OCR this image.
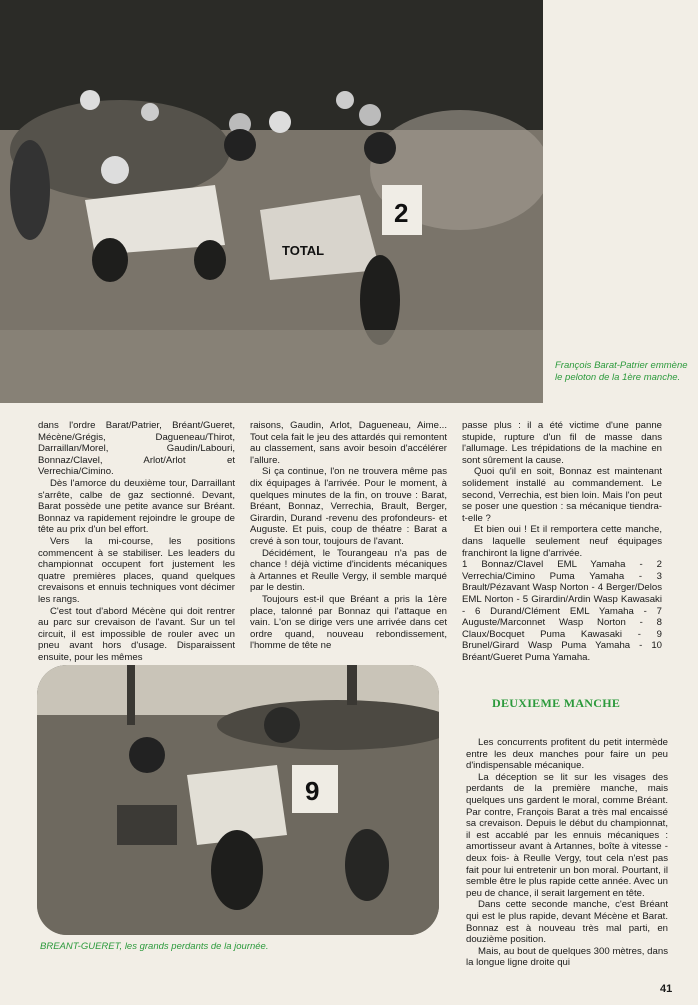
2
TOTAL
François Barat-Patrier emmène le peloton de la 1ère manche.

dans l'ordre Barat/Patrier, Bréant/Gueret, Mécène/Grégis, Dagueneau/Thirot, Darraillan/Morel, Gaudin/Labouri, Bonnaz/Clavel, Arlot/Arlot et Verrechia/Cimino.

Dès l'amorce du deuxième tour, Darraillant s'arrête, calbe de gaz sectionné. Devant, Barat possède une petite avance sur Bréant. Bonnaz va rapidement rejoindre le groupe de tête au prix d'un bel effort.

Vers la mi-course, les positions commencent à se stabiliser. Les leaders du championnat occupent fort justement les quatre premières places, quand quelques crevaisons et ennuis techniques vont décimer les rangs.

C'est tout d'abord Mécène qui doit rentrer au parc sur crevaison de l'avant. Sur un tel circuit, il est impossible de rouler avec un pneu avant hors d'usage. Disparaissent ensuite, pour les mêmes

raisons, Gaudin, Arlot, Dagueneau, Aime... Tout cela fait le jeu des attardés qui remontent au classement, sans avoir besoin d'accélérer l'allure.

Si ça continue, l'on ne trouvera même pas dix équipages à l'arrivée. Pour le moment, à quelques minutes de la fin, on trouve : Barat, Bréant, Bonnaz, Verrechia, Brault, Berger, Girardin, Durand -revenu des profondeurs- et Auguste. Et puis, coup de théatre : Barat a crevé à son tour, toujours de l'avant.

Décidément, le Tourangeau n'a pas de chance ! déjà victime d'incidents mécaniques à Artannes et Reulle Vergy, il semble marqué par le destin.

Toujours est-il que Bréant a pris la 1ère place, talonné par Bonnaz qui l'attaque en vain. L'on se dirige vers une arrivée dans cet ordre quand, nouveau rebondissement, l'homme de tête ne

passe plus : il a été victime d'une panne stupide, rupture d'un fil de masse dans l'allumage. Les trépidations de la machine en sont sûrement la cause.

Quoi qu'il en soit, Bonnaz est maintenant solidement installé au commandement. Le second, Verrechia, est bien loin. Mais l'on peut se poser une question : sa mécanique tiendra-t-elle ?

Et bien oui ! Et il remportera cette manche, dans laquelle seulement neuf équipages franchiront la ligne d'arrivée.

1 Bonnaz/Clavel EML Yamaha - 2 Verrechia/Cimino Puma Yamaha - 3 Brault/Pézavant Wasp Norton - 4 Berger/Delos EML Norton - 5 Girardin/Ardin Wasp Kawasaki - 6 Durand/Clément EML Yamaha - 7 Auguste/Marconnet Wasp Norton - 8 Claux/Bocquet Puma Kawasaki - 9 Brunel/Girard Wasp Puma Yamaha - 10 Bréant/Gueret Puma Yamaha.

9
BREANT-GUERET, les grands perdants de la journée.
DEUXIEME MANCHE

Les concurrents profitent du petit intermède entre les deux manches pour faire un peu d'indispensable mécanique.

La déception se lit sur les visages des perdants de la première manche, mais quelques uns gardent le moral, comme Bréant. Par contre, François Barat a très mal encaissé sa crevaison. Depuis le début du championnat, il est accablé par les ennuis mécaniques : amortisseur avant à Artannes, boîte à vitesse -deux fois- à Reulle Vergy, tout cela n'est pas fait pour lui entretenir un bon moral. Pourtant, il semble être le plus rapide cette année. Avec un peu de chance, il serait largement en tête.

Dans cette seconde manche, c'est Bréant qui est le plus rapide, devant Mécène et Barat. Bonnaz est à nouveau très mal parti, en douzième position.

Mais, au bout de quelques 300 mètres, dans la longue ligne droite qui

41
